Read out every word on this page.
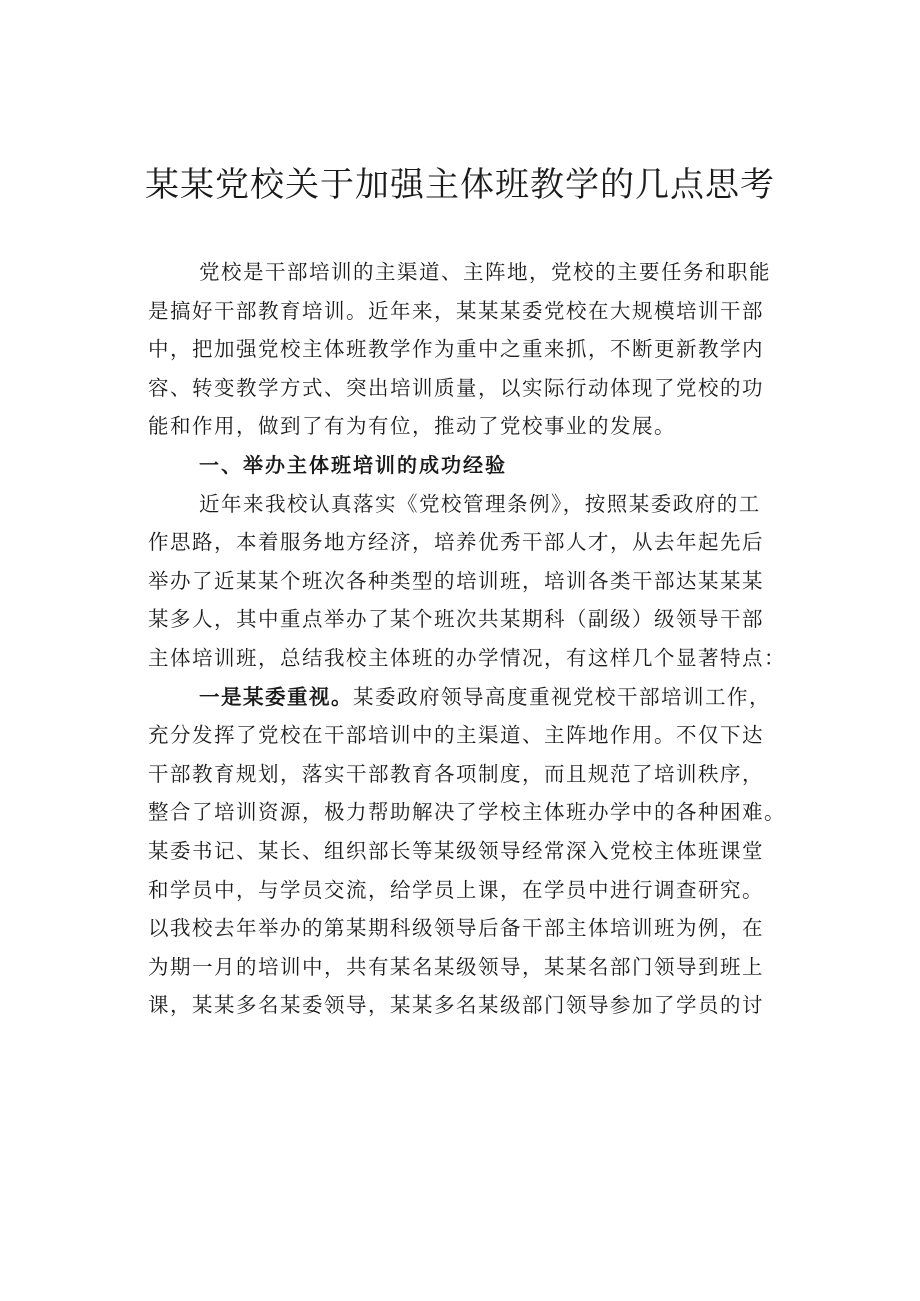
某某党校关于加强主体班教学的几点思考
党校是干部培训的主渠道、主阵地，党校的主要任务和职能
是搞好干部教育培训。近年来，某某某委党校在大规模培训干部
中，把加强党校主体班教学作为重中之重来抓，不断更新教学内
容、转变教学方式、突出培训质量，以实际行动体现了党校的功
能和作用，做到了有为有位，推动了党校事业的发展。
一、举办主体班培训的成功经验
近年来我校认真落实《党校管理条例》，按照某委政府的工
作思路，本着服务地方经济，培养优秀干部人才，从去年起先后
举办了近某某个班次各种类型的培训班，培训各类干部达某某某
某多人，其中重点举办了某个班次共某期科（副级）级领导干部
主体培训班，总结我校主体班的办学情况，有这样几个显著特点：
一是某委重视。某委政府领导高度重视党校干部培训工作，
充分发挥了党校在干部培训中的主渠道、主阵地作用。不仅下达
干部教育规划，落实干部教育各项制度，而且规范了培训秩序，
整合了培训资源，极力帮助解决了学校主体班办学中的各种困难。
某委书记、某长、组织部长等某级领导经常深入党校主体班课堂
和学员中，与学员交流，给学员上课，在学员中进行调查研究。
以我校去年举办的第某期科级领导后备干部主体培训班为例，在
为期一月的培训中，共有某名某级领导，某某名部门领导到班上
课，某某多名某委领导，某某多名某级部门领导参加了学员的讨
